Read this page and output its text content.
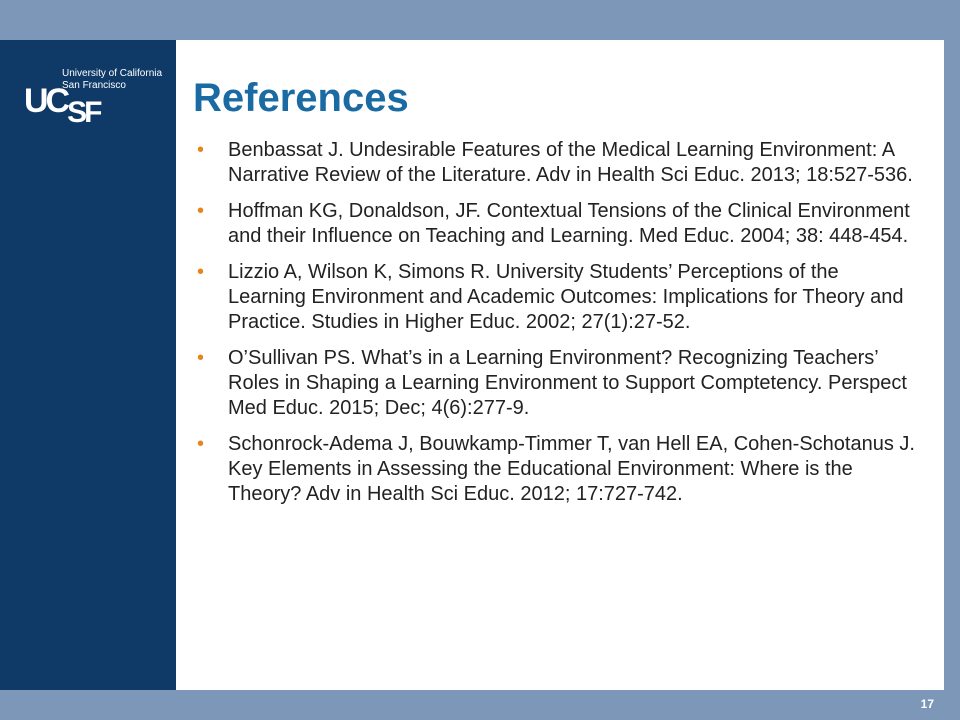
University of California
San Francisco
UCSF References
• Benbassat J. Undesirable Features of the Medical Learning Environment: A Narrative Review of the Literature. Adv in Health Sci Educ. 2013; 18:527-536.
• Hoffman KG, Donaldson, JF. Contextual Tensions of the Clinical Environment and their Influence on Teaching and Learning. Med Educ. 2004; 38: 448-454.
• Lizzio A, Wilson K, Simons R. University Students’ Perceptions of the Learning Environment and Academic Outcomes: Implications for Theory and Practice. Studies in Higher Educ. 2002; 27(1):27-52.
• O’Sullivan PS. What’s in a Learning Environment? Recognizing Teachers’ Roles in Shaping a Learning Environment to Support Comptetency. Perspect Med Educ. 2015; Dec; 4(6):277-9.
• Schonrock-Adema J, Bouwkamp-Timmer T, van Hell EA, Cohen-Schotanus J. Key Elements in Assessing the Educational Environment: Where is the Theory? Adv in Health Sci Educ. 2012; 17:727-742.
17
